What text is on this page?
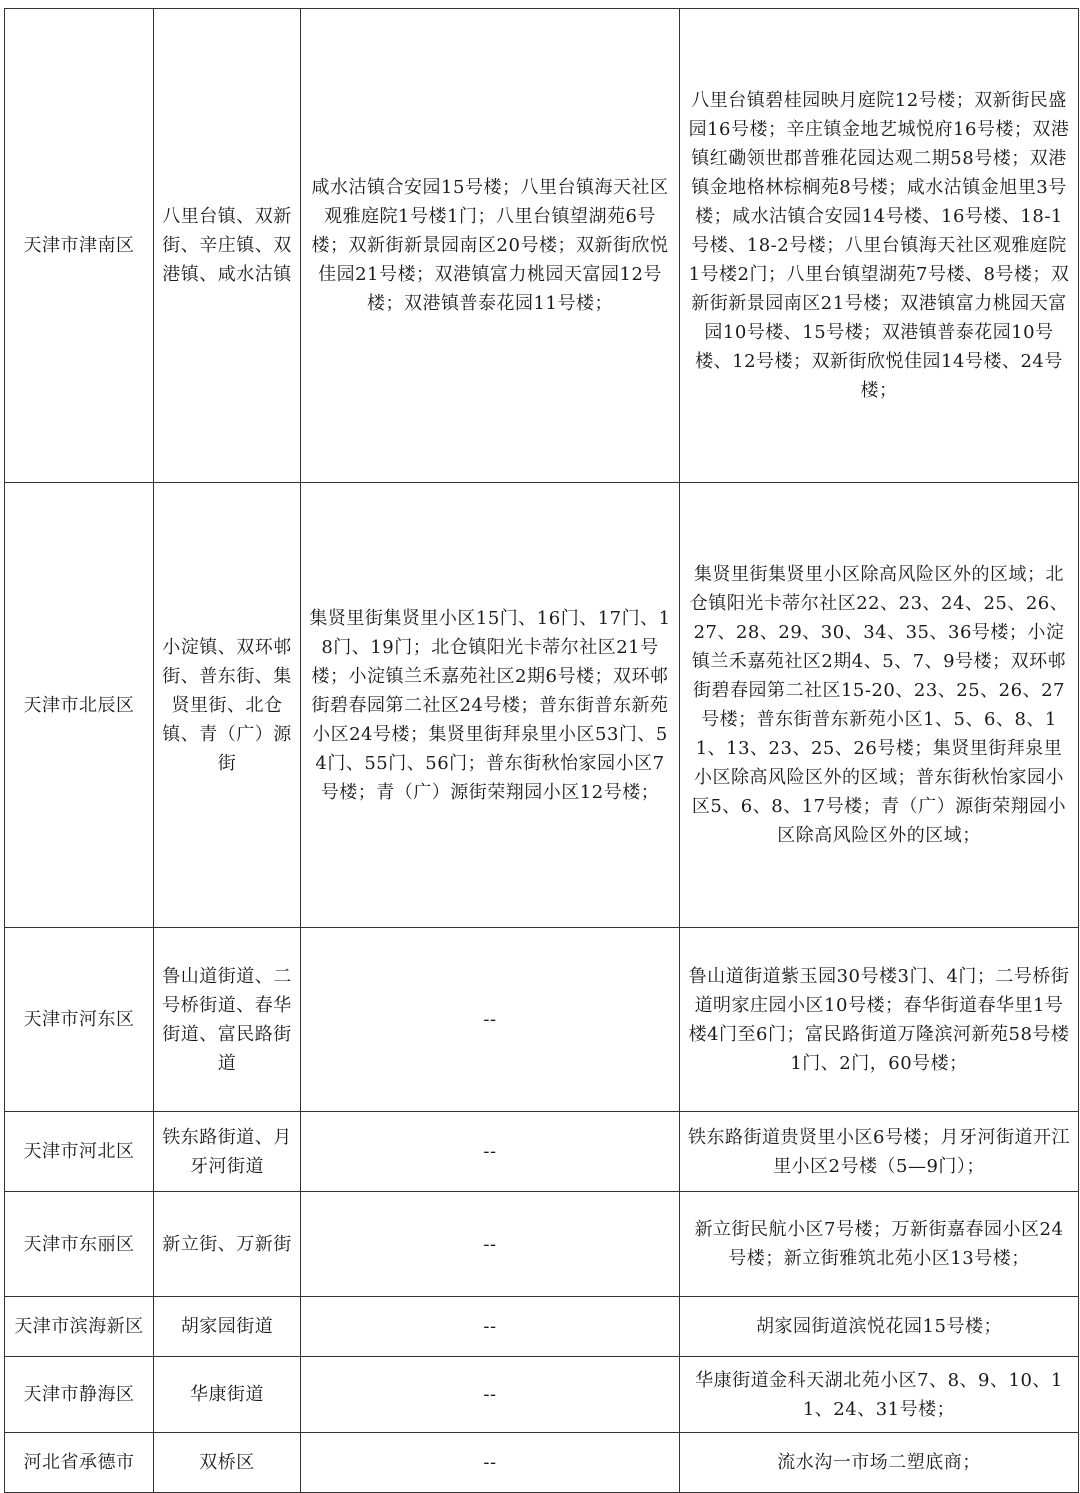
天津市津南区	八里台镇、双新街、辛庄镇、双港镇、咸水沽镇	咸水沽镇合安园15号楼；八里台镇海天社区观雅庭院1号楼1门；八里台镇望湖苑6号楼；双新街新景园南区20号楼；双新街欣悦佳园21号楼；双港镇富力桃园天富园12号楼；双港镇普泰花园11号楼；	八里台镇碧桂园映月庭院12号楼；双新街民盛园16号楼；辛庄镇金地艺城悦府16号楼；双港镇红磡领世郡普雅花园达观二期58号楼；双港镇金地格林棕榈苑8号楼；咸水沽镇金旭里3号楼；咸水沽镇合安园14号楼、16号楼、18-1号楼、18-2号楼；八里台镇海天社区观雅庭院1号楼2门；八里台镇望湖苑7号楼、8号楼；双新街新景园南区21号楼；双港镇富力桃园天富园10号楼、15号楼；双港镇普泰花园10号楼、12号楼；双新街欣悦佳园14号楼、24号楼；
天津市北辰区	小淀镇、双环邨街、普东街、集贤里街、北仓镇、青（广）源街	集贤里街集贤里小区15门、16门、17门、18门、19门；北仓镇阳光卡蒂尔社区21号楼；小淀镇兰禾嘉苑社区2期6号楼；双环邨街碧春园第二社区24号楼；普东街普东新苑小区24号楼；集贤里街拜泉里小区53门、54门、55门、56门；普东街秋怡家园小区7号楼；青（广）源街荣翔园小区12号楼；	集贤里街集贤里小区除高风险区外的区域；北仓镇阳光卡蒂尔社区22、23、24、25、26、27、28、29、30、34、35、36号楼；小淀镇兰禾嘉苑社区2期4、5、7、9号楼；双环邨街碧春园第二社区15-20、23、25、26、27号楼；普东街普东新苑小区1、5、6、8、11、13、23、25、26号楼；集贤里街拜泉里小区除高风险区外的区域；普东街秋怡家园小区5、6、8、17号楼；青（广）源街荣翔园小区除高风险区外的区域；
天津市河东区	鲁山道街道、二号桥街道、春华街道、富民路街道	--	鲁山道街道紫玉园30号楼3门、4门；二号桥街道明家庄园小区10号楼；春华街道春华里1号楼4门至6门；富民路街道万隆滨河新苑58号楼1门、2门，60号楼；
天津市河北区	铁东路街道、月牙河街道	--	铁东路街道贵贤里小区6号楼；月牙河街道开江里小区2号楼（5—9门）；
天津市东丽区	新立街、万新街	--	新立街民航小区7号楼；万新街嘉春园小区24号楼；新立街雅筑北苑小区13号楼；
天津市滨海新区	胡家园街道	--	胡家园街道滨悦花园15号楼；
天津市静海区	华康街道	--	华康街道金科天湖北苑小区7、8、9、10、11、24、31号楼；
河北省承德市	双桥区	--	流水沟一市场二塑底商；
